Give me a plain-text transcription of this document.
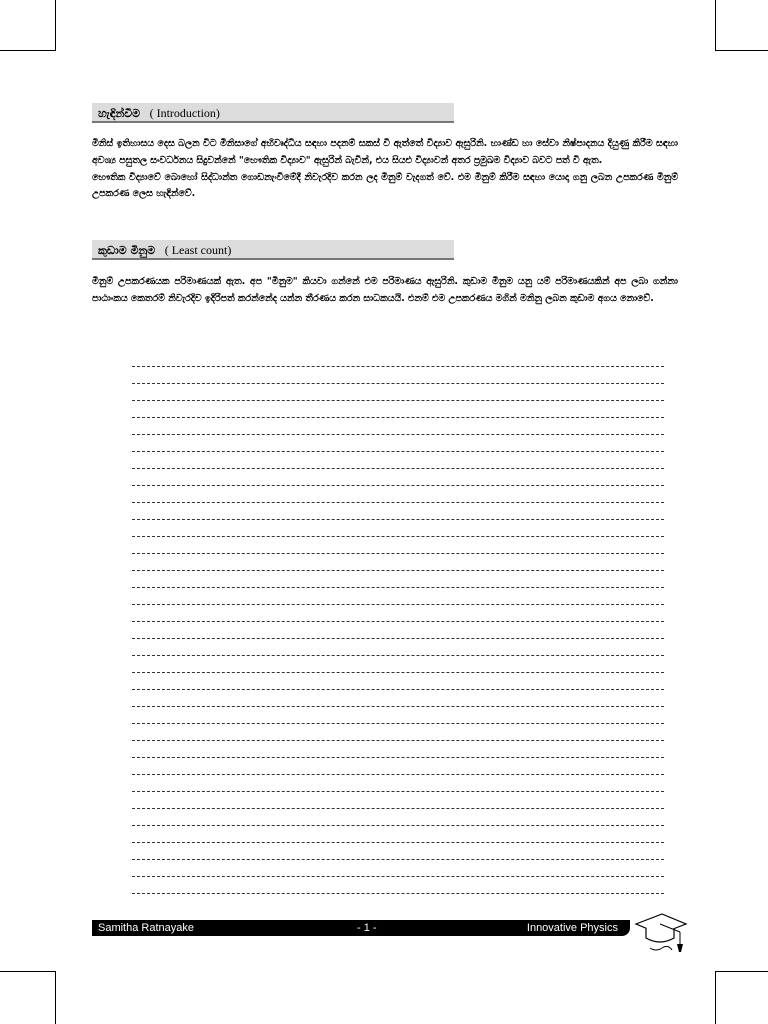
හැඳින්වීම ( Introduction)

මිනිස් ඉතිහාසය දෙස බලන විට මිනිසාගේ අභිවෘද්ධිය සඳහා පදනම් සකස් වී ඇත්තේ විද්‍යාව ඇසුරිනි. භාණ්ඩ හා සේවා නිෂ්පාදනය දියුණු කිරීම සඳහා අවශ්‍ය පසුතල සංවර්ධනය සිදුවන්නේ "භෞතික විද්‍යාව" ඇසුරින් බැවින්, එය සියළු විද්‍යාවන් අතර ප්‍රමුඛම විද්‍යාව බවට පත් වී ඇත.

භෞතික විද්‍යාවේ බොහෝ සිද්ධාන්ත ගොඩනැංවීමේදී නිවැරදිව කරන ලද මිනුම් වැදගත් වේ. එම මිනුම් කිරීම සඳහා යොදා ගනු ලබන උපකරණ මිනුම් උපකරණ ලෙස හැඳින්වේ.

කුඩාම මිනුම ( Least count)

මිනුම් උපකරණයක පරිමාණයක් ඇත. අප "මිනුම" කියවා ගන්නේ එම පරිමාණය ඇසුරිනි. කුඩාම මිනුම යනු යම් පරිමාණයකින් අප ලබා ගන්නා පාඨාංකය කෙතරම් නිවැරදිව ඉදිරිපත් කරන්නේද යන්න තීරණය කරන සාධකයයි. එනම් එම උපකරණය මගින් මනිනු ලබන කුඩාම අගය නොවේ.

Samitha Ratnayake	- 1 -	Innovative Physics
